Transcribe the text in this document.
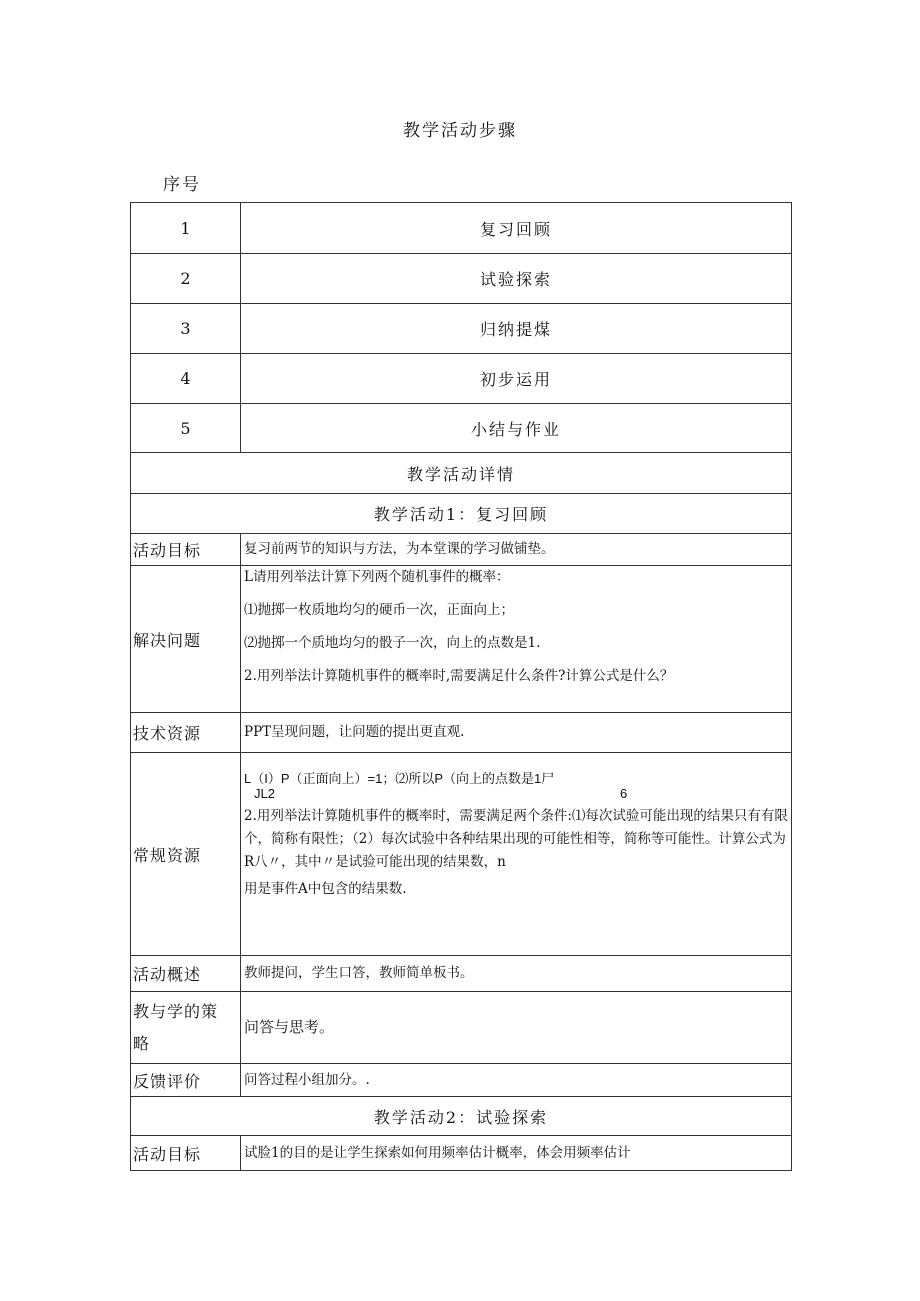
教学活动步骤
序号
1	复习回顾
2	试验探索
3	归纳提煤
4	初步运用
5	小结与作业
教学活动详情	
教学活动1：复习回顾	
活动目标	复习前两节的知识与方法，为本堂课的学习做铺垫。
解决问题	L请用列举法计算下列两个随机事件的概率：

⑴抛掷一枚质地均匀的硬币一次，正面向上；

⑵抛掷一个质地均匀的骰子一次，向上的点数是1.

2.用列举法计算随机事件的概率时,需要满足什么条件?计算公式是什么？

技术资源	PPT呈现问题，让问题的提出更直观.
常规资源	L（I）P（正面向上）=1；⑵所以P（向上的点数是1尸
JL2 6

2.用列举法计算随机事件的概率时，需要满足两个条件:⑴每次试验可能出现的结果只有有限个，简称有限性；（2）每次试验中各种结果出现的可能性相等，简称等可能性。计算公式为R八〃，其中〃是试验可能出现的结果数，n

用是事件A中包含的结果数.

活动概述	教师提问，学生口答，教师简单板书。

教与学的策
略	问答与思考。
反馈评价	问答过程小组加分。.
教学活动2：试验探索	
活动目标	试脸1的目的是让学生探索如何用频率估计概率，体会用频率估计
